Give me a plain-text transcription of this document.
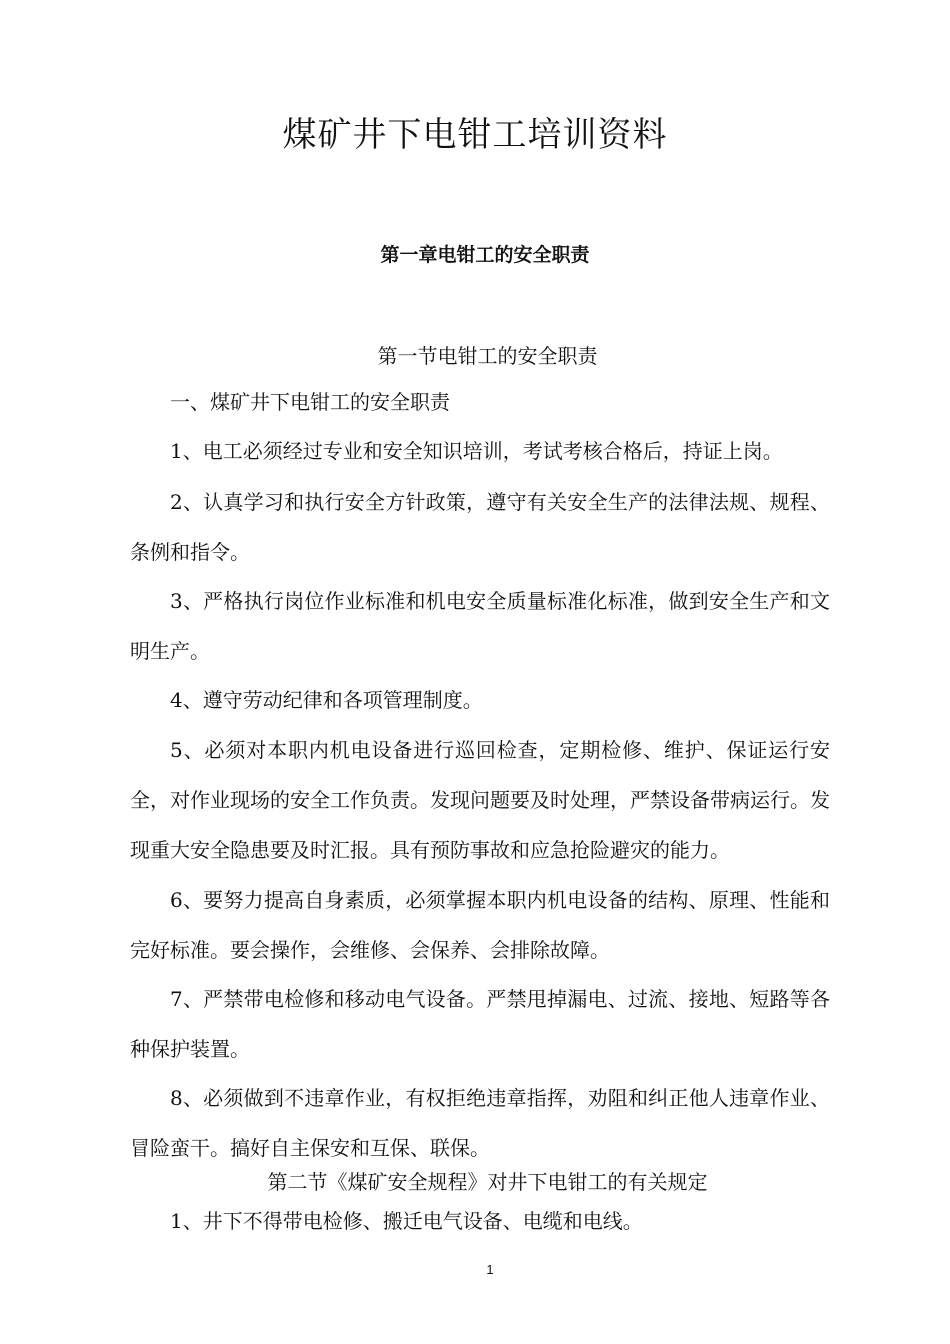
煤矿井下电钳工培训资料
第一章电钳工的安全职责
第一节电钳工的安全职责

一、煤矿井下电钳工的安全职责

1、电工必须经过专业和安全知识培训，考试考核合格后，持证上岗。

2、认真学习和执行安全方针政策，遵守有关安全生产的法律法规、规程、条例和指令。

3、严格执行岗位作业标准和机电安全质量标准化标准，做到安全生产和文明生产。

4、遵守劳动纪律和各项管理制度。

5、必须对本职内机电设备进行巡回检查，定期检修、维护、保证运行安全，对作业现场的安全工作负责。发现问题要及时处理，严禁设备带病运行。发现重大安全隐患要及时汇报。具有预防事故和应急抢险避灾的能力。

6、要努力提高自身素质，必须掌握本职内机电设备的结构、原理、性能和完好标准。要会操作，会维修、会保养、会排除故障。

7、严禁带电检修和移动电气设备。严禁甩掉漏电、过流、接地、短路等各种保护装置。

8、必须做到不违章作业，有权拒绝违章指挥，劝阻和纠正他人违章作业、冒险蛮干。搞好自主保安和互保、联保。

第二节《煤矿安全规程》对井下电钳工的有关规定

1、井下不得带电检修、搬迁电气设备、电缆和电线。

1
